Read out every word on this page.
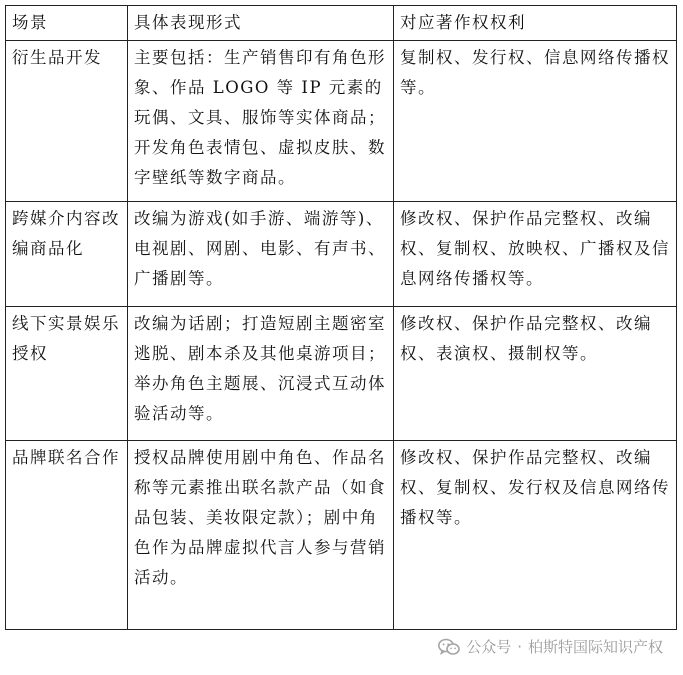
场景	具体表现形式	对应著作权权利
衍生品开发	主要包括：生产销售印有角色形象、作品 LOGO 等 IP 元素的玩偶、文具、服饰等实体商品；开发角色表情包、虚拟皮肤、数字壁纸等数字商品。	复制权、发行权、信息网络传播权等。
跨媒介内容改编商品化	改编为游戏(如手游、端游等)、电视剧、网剧、电影、有声书、广播剧等。	修改权、保护作品完整权、改编权、复制权、放映权、广播权及信息网络传播权等。
线下实景娱乐授权	改编为话剧；打造短剧主题密室逃脱、剧本杀及其他桌游项目；举办角色主题展、沉浸式互动体验活动等。	修改权、保护作品完整权、改编权、表演权、摄制权等。
品牌联名合作	授权品牌使用剧中角色、作品名称等元素推出联名款产品（如食品包装、美妆限定款）；剧中角色作为品牌虚拟代言人参与营销活动。	修改权、保护作品完整权、改编权、复制权、发行权及信息网络传播权等。
公众号 · 柏斯特国际知识产权
